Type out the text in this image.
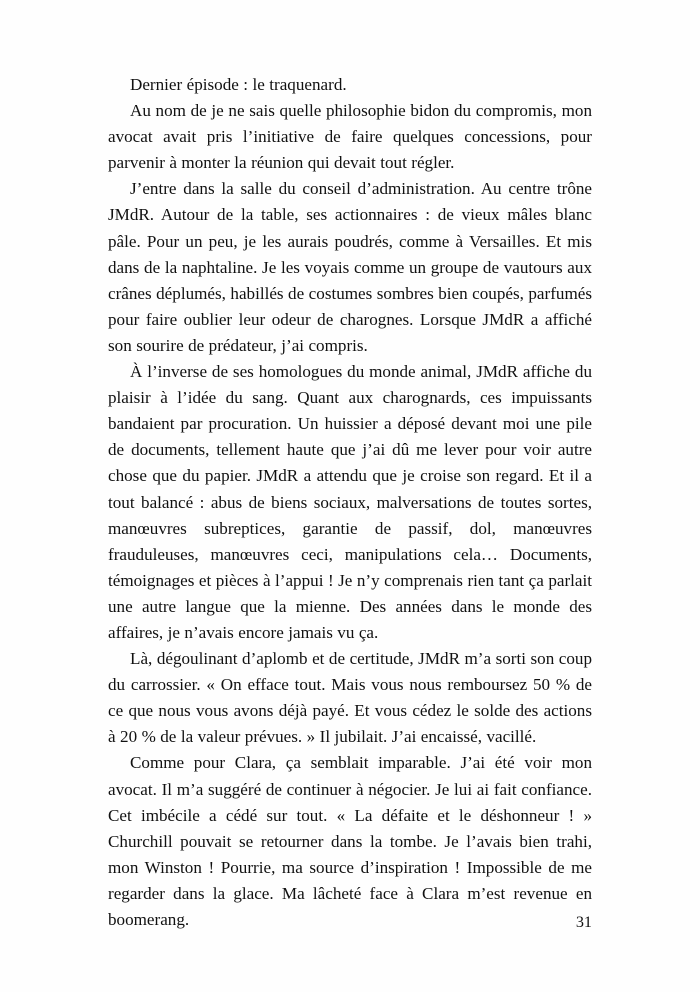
Dernier épisode : le traquenard.

Au nom de je ne sais quelle philosophie bidon du compromis, mon avocat avait pris l’initiative de faire quelques concessions, pour parvenir à monter la réunion qui devait tout régler.

J’entre dans la salle du conseil d’administration. Au centre trône JMdR. Autour de la table, ses actionnaires : de vieux mâles blanc pâle. Pour un peu, je les aurais poudrés, comme à Versailles. Et mis dans de la naphtaline. Je les voyais comme un groupe de vautours aux crânes déplumés, habillés de costumes sombres bien coupés, parfumés pour faire oublier leur odeur de charognes. Lorsque JMdR a affiché son sourire de prédateur, j’ai compris.

À l’inverse de ses homologues du monde animal, JMdR affiche du plaisir à l’idée du sang. Quant aux charognards, ces impuissants bandaient par procuration. Un huissier a déposé devant moi une pile de documents, tellement haute que j’ai dû me lever pour voir autre chose que du papier. JMdR a attendu que je croise son regard. Et il a tout balancé : abus de biens sociaux, malversations de toutes sortes, manœuvres subreptices, garantie de passif, dol, manœuvres frauduleuses, manœuvres ceci, manipulations cela… Documents, témoignages et pièces à l’appui ! Je n’y comprenais rien tant ça parlait une autre langue que la mienne. Des années dans le monde des affaires, je n’avais encore jamais vu ça.

Là, dégoulinant d’aplomb et de certitude, JMdR m’a sorti son coup du carrossier. « On efface tout. Mais vous nous remboursez 50 % de ce que nous vous avons déjà payé. Et vous cédez le solde des actions à 20 % de la valeur prévues. » Il jubilait. J’ai encaissé, vacillé.

Comme pour Clara, ça semblait imparable. J’ai été voir mon avocat. Il m’a suggéré de continuer à négocier. Je lui ai fait confiance. Cet imbécile a cédé sur tout. « La défaite et le déshonneur ! » Churchill pouvait se retourner dans la tombe. Je l’avais bien trahi, mon Winston ! Pourrie, ma source d’inspiration ! Impossible de me regarder dans la glace. Ma lâcheté face à Clara m’est revenue en boomerang.	31
